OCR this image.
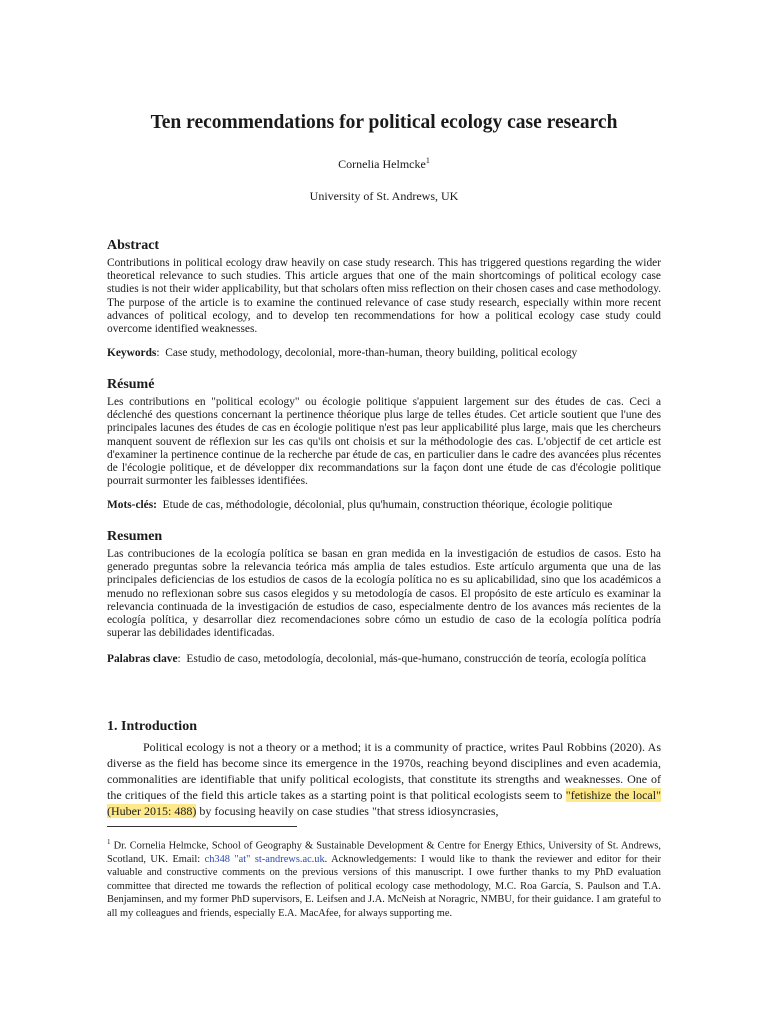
Ten recommendations for political ecology case research
Cornelia Helmcke$^1$
University of St. Andrews, UK
Abstract

Contributions in political ecology draw heavily on case study research. This has triggered questions regarding the wider theoretical relevance to such studies. This article argues that one of the main shortcomings of political ecology case studies is not their wider applicability, but that scholars often miss reflection on their chosen cases and case methodology. The purpose of the article is to examine the continued relevance of case study research, especially within more recent advances of political ecology, and to develop ten recommendations for how a political ecology case study could overcome identified weaknesses.

Keywords:  Case study, methodology, decolonial, more-than-human, theory building, political ecology

Résumé

Les contributions en "political ecology" ou écologie politique s'appuient largement sur des études de cas. Ceci a déclenché des questions concernant la pertinence théorique plus large de telles études. Cet article soutient que l'une des principales lacunes des études de cas en écologie politique n'est pas leur applicabilité plus large, mais que les chercheurs manquent souvent de réflexion sur les cas qu'ils ont choisis et sur la méthodologie des cas. L'objectif de cet article est d'examiner la pertinence continue de la recherche par étude de cas, en particulier dans le cadre des avancées plus récentes de l'écologie politique, et de développer dix recommandations sur la façon dont une étude de cas d'écologie politique pourrait surmonter les faiblesses identifiées.

Mots-clés: Etude de cas, méthodologie, décolonial, plus qu'humain, construction théorique, écologie politique

Resumen

Las contribuciones de la ecología política se basan en gran medida en la investigación de estudios de casos. Esto ha generado preguntas sobre la relevancia teórica más amplia de tales estudios. Este artículo argumenta que una de las principales deficiencias de los estudios de casos de la ecología política no es su aplicabilidad, sino que los académicos a menudo no reflexionan sobre sus casos elegidos y su metodología de casos. El propósito de este artículo es examinar la relevancia continuada de la investigación de estudios de caso, especialmente dentro de los avances más recientes de la ecología política, y desarrollar diez recomendaciones sobre cómo un estudio de caso de la ecología política podría superar las debilidades identificadas.

Palabras clave:  Estudio de caso, metodología, decolonial, más-que-humano, construcción de teoría, ecología política

1. Introduction

Political ecology is not a theory or a method; it is a community of practice, writes Paul Robbins (2020). As diverse as the field has become since its emergence in the 1970s, reaching beyond disciplines and even academia, commonalities are identifiable that unify political ecologists, that constitute its strengths and weaknesses. One of the critiques of the field this article takes as a starting point is that political ecologists seem to "fetishize the local" (Huber 2015: 488) by focusing heavily on case studies "that stress idiosyncrasies,

$^1$ Dr. Cornelia Helmcke, School of Geography & Sustainable Development & Centre for Energy Ethics, University of St. Andrews, Scotland, UK. Email: ch348 "at" st-andrews.ac.uk. Acknowledgements: I would like to thank the reviewer and editor for their valuable and constructive comments on the previous versions of this manuscript. I owe further thanks to my PhD evaluation committee that directed me towards the reflection of political ecology case methodology, M.C. Roa García, S. Paulson and T.A. Benjaminsen, and my former PhD supervisors, E. Leifsen and J.A. McNeish at Noragric, NMBU, for their guidance. I am grateful to all my colleagues and friends, especially E.A. MacAfee, for always supporting me.
